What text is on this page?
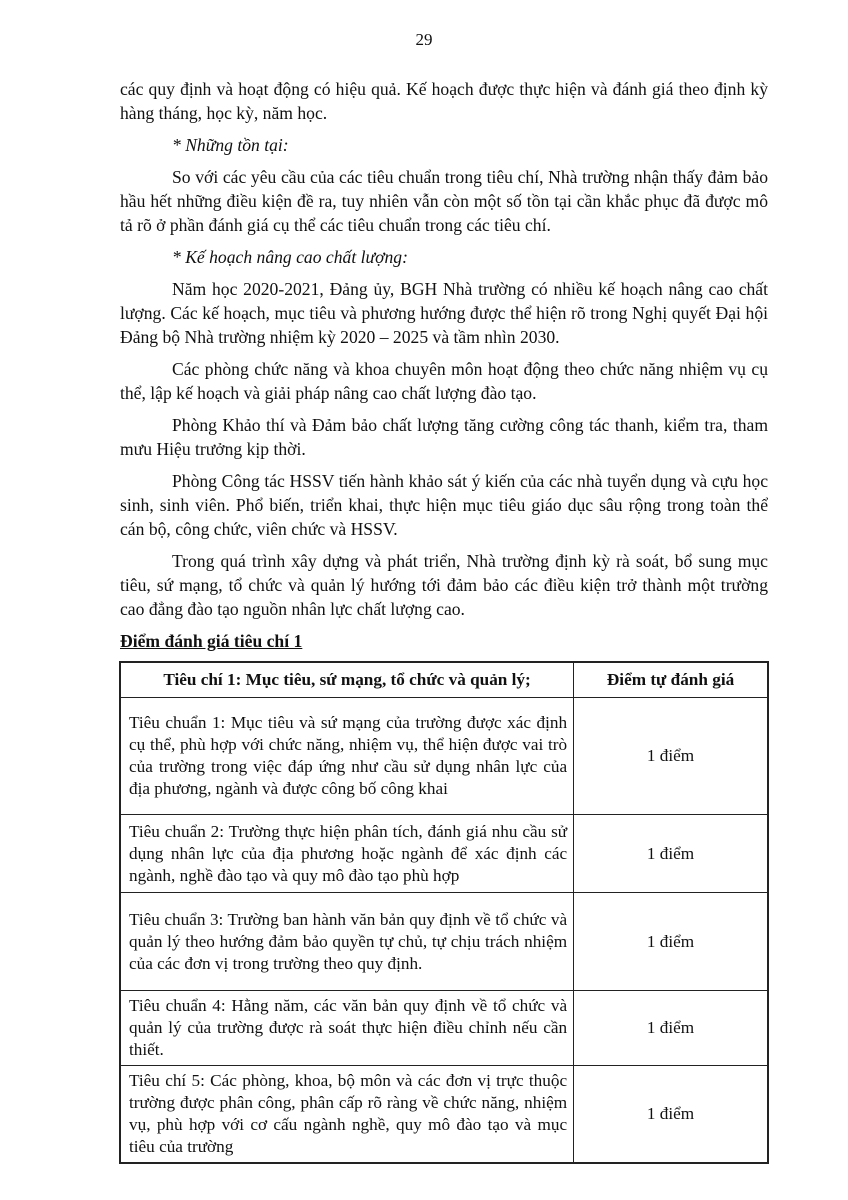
29

các quy định và hoạt động có hiệu quả. Kế hoạch được thực hiện và đánh giá theo định kỳ hàng tháng, học kỳ, năm học.

* Những tồn tại:

So với các yêu cầu của các tiêu chuẩn trong tiêu chí, Nhà trường nhận thấy đảm bảo hầu hết những điều kiện đề ra, tuy nhiên vẫn còn một số tồn tại cần khắc phục đã được mô tả rõ ở phần đánh giá cụ thể các tiêu chuẩn trong các tiêu chí.

* Kế hoạch nâng cao chất lượng:

Năm học 2020-2021, Đảng ủy, BGH Nhà trường có nhiều kế hoạch nâng cao chất lượng. Các kế hoạch, mục tiêu và phương hướng được thể hiện rõ trong Nghị quyết Đại hội Đảng bộ Nhà trường nhiệm kỳ 2020 – 2025 và tầm nhìn 2030.

Các phòng chức năng và khoa chuyên môn hoạt động theo chức năng nhiệm vụ cụ thể, lập kế hoạch và giải pháp nâng cao chất lượng đào tạo.

Phòng Khảo thí và Đảm bảo chất lượng tăng cường công tác thanh, kiểm tra, tham mưu Hiệu trưởng kịp thời.

Phòng Công tác HSSV tiến hành khảo sát ý kiến của các nhà tuyển dụng và cựu học sinh, sinh viên. Phổ biến, triển khai, thực hiện mục tiêu giáo dục sâu rộng trong toàn thể cán bộ, công chức, viên chức và HSSV.

Trong quá trình xây dựng và phát triển, Nhà trường định kỳ rà soát, bổ sung mục tiêu, sứ mạng, tổ chức và quản lý hướng tới đảm bảo các điều kiện trở thành một trường cao đẳng đào tạo nguồn nhân lực chất lượng cao.

Điểm đánh giá tiêu chí 1

Tiêu chí 1: Mục tiêu, sứ mạng, tổ chức và quản lý;	Điểm tự đánh giá
Tiêu chuẩn 1: Mục tiêu và sứ mạng của trường được xác định cụ thể, phù hợp với chức năng, nhiệm vụ, thể hiện được vai trò của trường trong việc đáp ứng như cầu sử dụng nhân lực của địa phương, ngành và được công bố công khai	1 điểm
Tiêu chuẩn 2: Trường thực hiện phân tích, đánh giá nhu cầu sử dụng nhân lực của địa phương hoặc ngành để xác định các ngành, nghề đào tạo và quy mô đào tạo phù hợp	1 điểm
Tiêu chuẩn 3: Trường ban hành văn bản quy định về tổ chức và quản lý theo hướng đảm bảo quyền tự chủ, tự chịu trách nhiệm của các đơn vị trong trường theo quy định.	1 điểm
Tiêu chuẩn 4: Hằng năm, các văn bản quy định về tổ chức và quản lý của trường được rà soát thực hiện điều chỉnh nếu cần thiết.	1 điểm
Tiêu chí 5: Các phòng, khoa, bộ môn và các đơn vị trực thuộc trường được phân công, phân cấp rõ ràng về chức năng, nhiệm vụ, phù hợp với cơ cấu ngành nghề, quy mô đào tạo và mục tiêu của trường	1 điểm
